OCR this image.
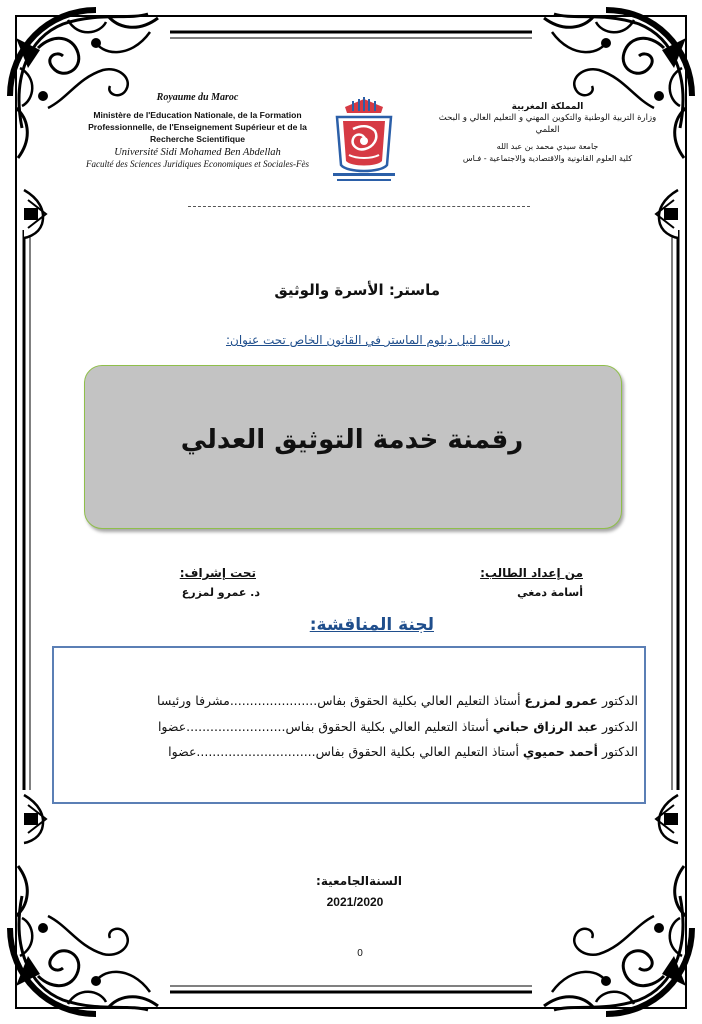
Royaume du Maroc
Ministère de l'Education Nationale, de la Formation Professionnelle, de l'Enseignement Supérieur et de la Recherche Scientifique
Université Sidi Mohamed Ben Abdellah
Faculté des Sciences Juridiques Economiques et Sociales-Fès
المملكة المغربية
وزارة التربية الوطنية والتكوين المهني و التعليم العالي و البحث العلمي
جامعة سيدي محمد بن عبد الله
كلية العلوم القانونية والاقتصادية والاجتماعية - فـاس
ماستر: الأسرة والوثيق
رسالة لنيل دبلوم الماستر في القانون الخاص تحت عنوان:
رقمنة خدمة التوثيق العدلي
من إعداد الطالب:
أسامة دمغي
تحت إشراف:
د. عمرو لمزرع
لجنة المناقشة:
الدكتور عمرو لمزرع أستاذ التعليم العالي بكلية الحقوق بفاس......................مشرفا ورئيسا
الدكتور عبد الرزاق حباني أستاذ التعليم العالي بكلية الحقوق بفاس.........................عضوا
الدكتور أحمد حميوي أستاذ التعليم العالي بكلية الحقوق بفاس..............................عضوا
السنةالجامعية:
2021/2020
0
